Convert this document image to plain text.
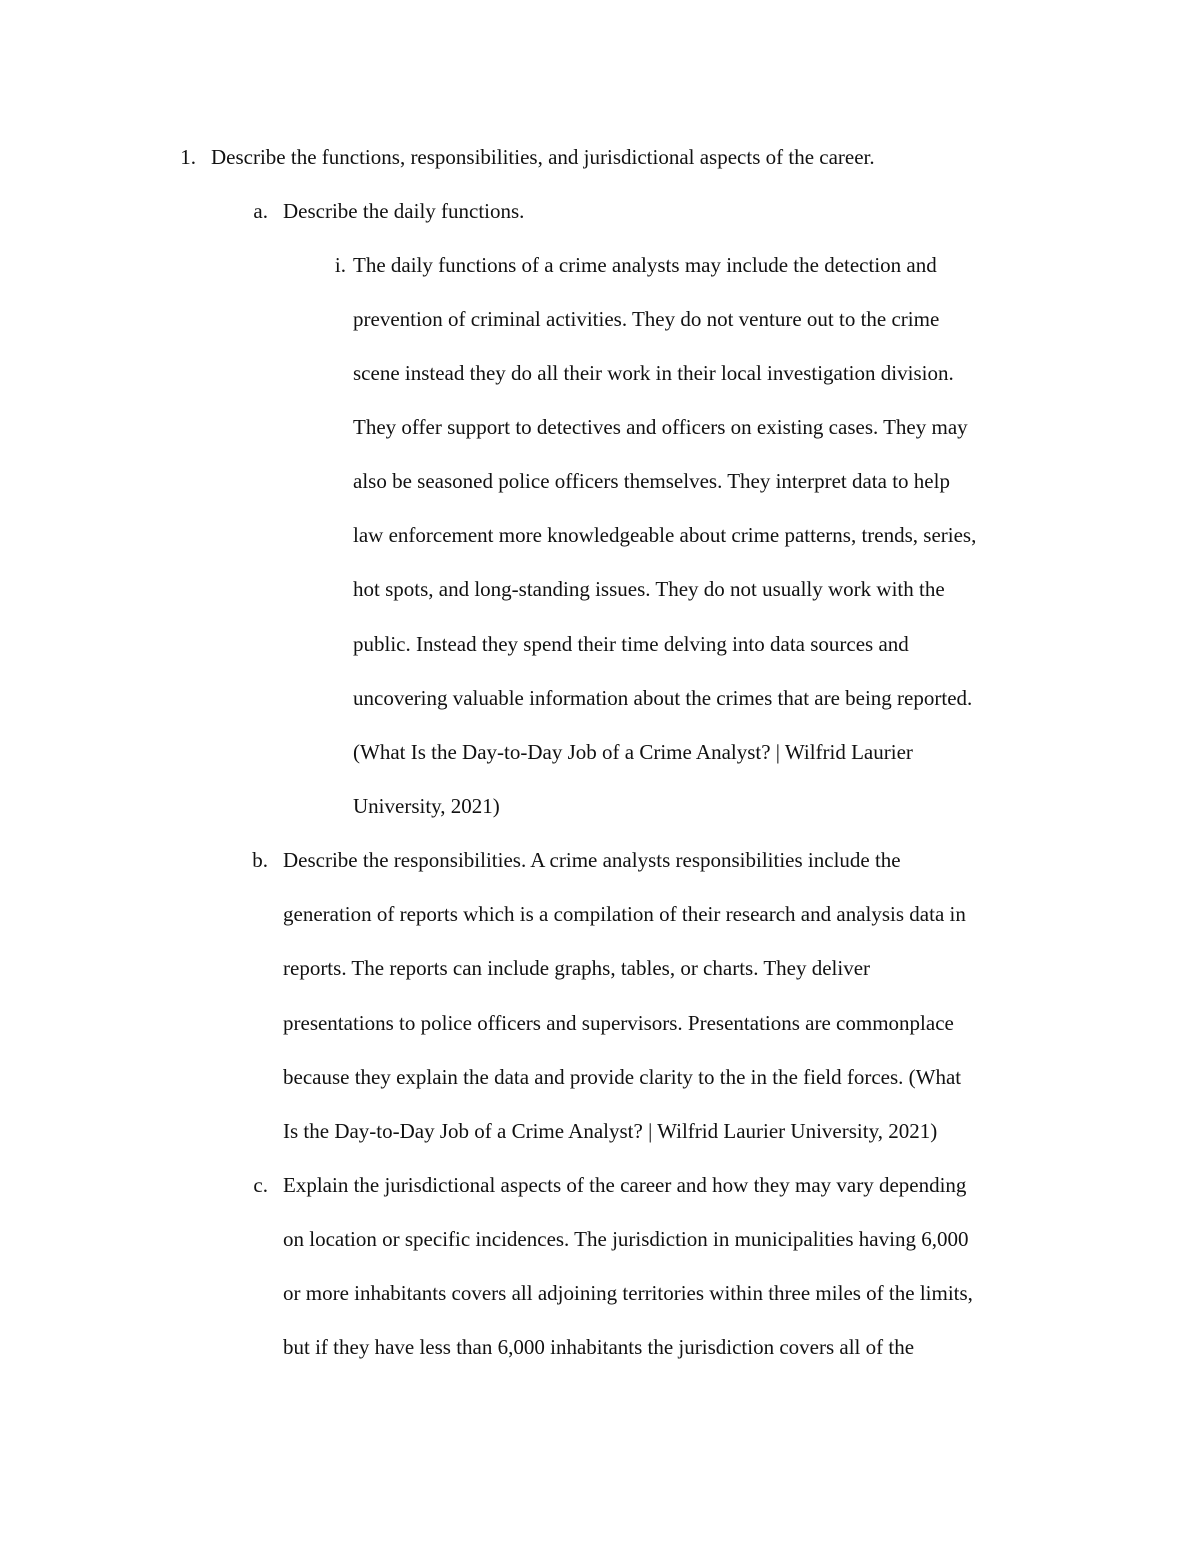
1. Describe the functions, responsibilities, and jurisdictional aspects of the career.
a. Describe the daily functions.
i. The daily functions of a crime analysts may include the detection and
prevention of criminal activities. They do not venture out to the crime
scene instead they do all their work in their local investigation division.
They offer support to detectives and officers on existing cases. They may
also be seasoned police officers themselves. They interpret data to help
law enforcement more knowledgeable about crime patterns, trends, series,
hot spots, and long-standing issues. They do not usually work with the
public. Instead they spend their time delving into data sources and
uncovering valuable information about the crimes that are being reported.
(What Is the Day-to-Day Job of a Crime Analyst? | Wilfrid Laurier
University, 2021)
b. Describe the responsibilities. A crime analysts responsibilities include the
generation of reports which is a compilation of their research and analysis data in
reports. The reports can include graphs, tables, or charts. They deliver
presentations to police officers and supervisors. Presentations are commonplace
because they explain the data and provide clarity to the in the field forces. (What
Is the Day-to-Day Job of a Crime Analyst? | Wilfrid Laurier University, 2021)
c. Explain the jurisdictional aspects of the career and how they may vary depending
on location or specific incidences. The jurisdiction in municipalities having 6,000
or more inhabitants covers all adjoining territories within three miles of the limits,
but if they have less than 6,000 inhabitants the jurisdiction covers all of the
